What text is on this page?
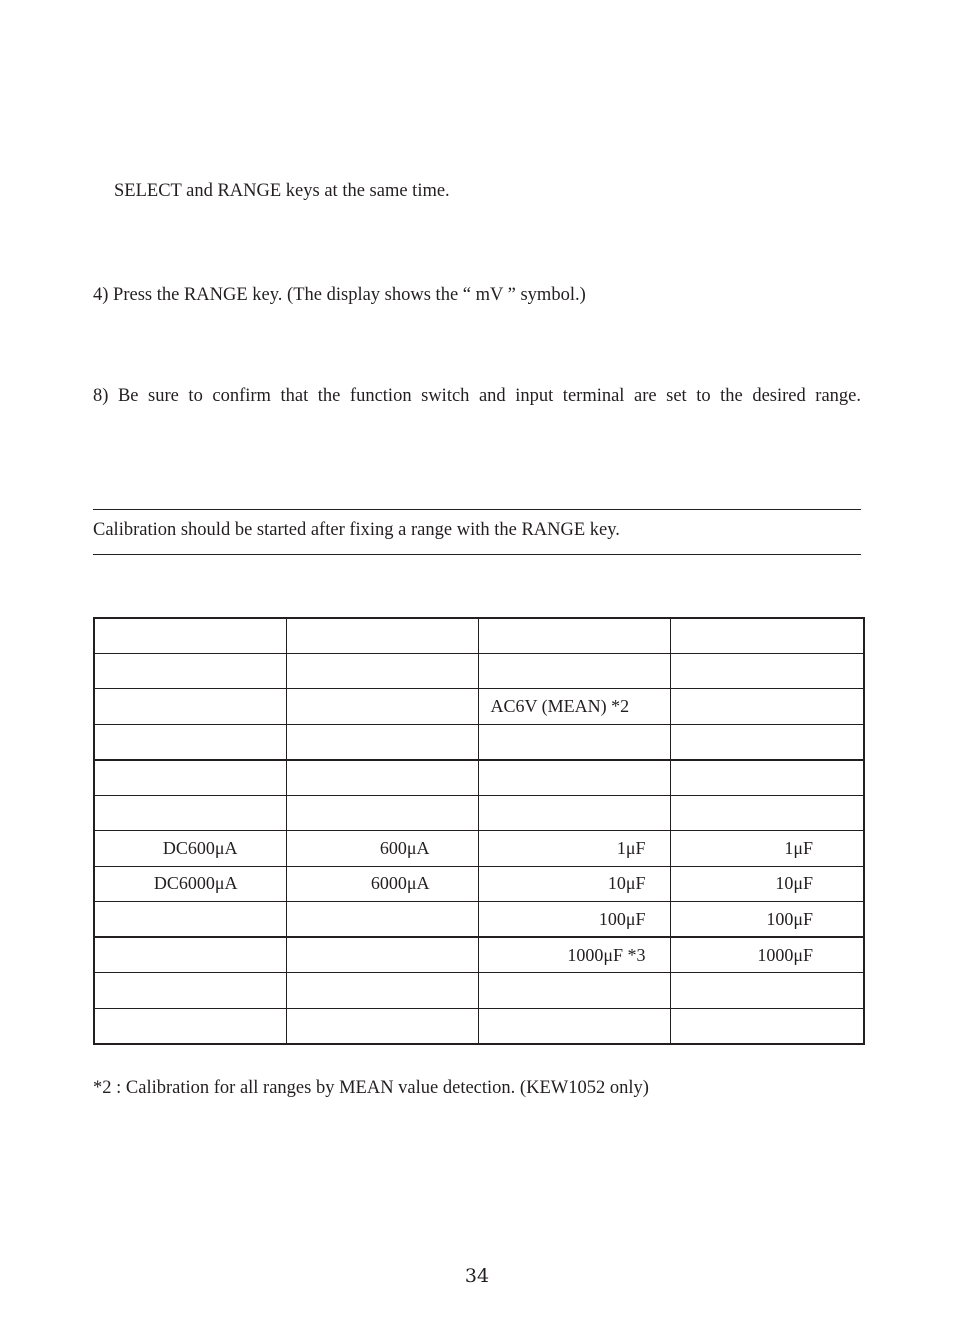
SELECT and RANGE keys at the same time.
4) Press the RANGE key. (The display shows the “ mV ” symbol.)
8) Be sure to confirm that the function switch and input terminal are set to the desired range.
Calibration should be started after fixing a range with the RANGE key.

		AC6V (MEAN) *2	

DC600μA	600μA	1μF	1μF
DC6000μA	6000μA	10μF	10μF
		100μF	100μF
		1000μF *3	1000μF

*2 : Calibration for all ranges by MEAN value detection. (KEW1052 only)
34
